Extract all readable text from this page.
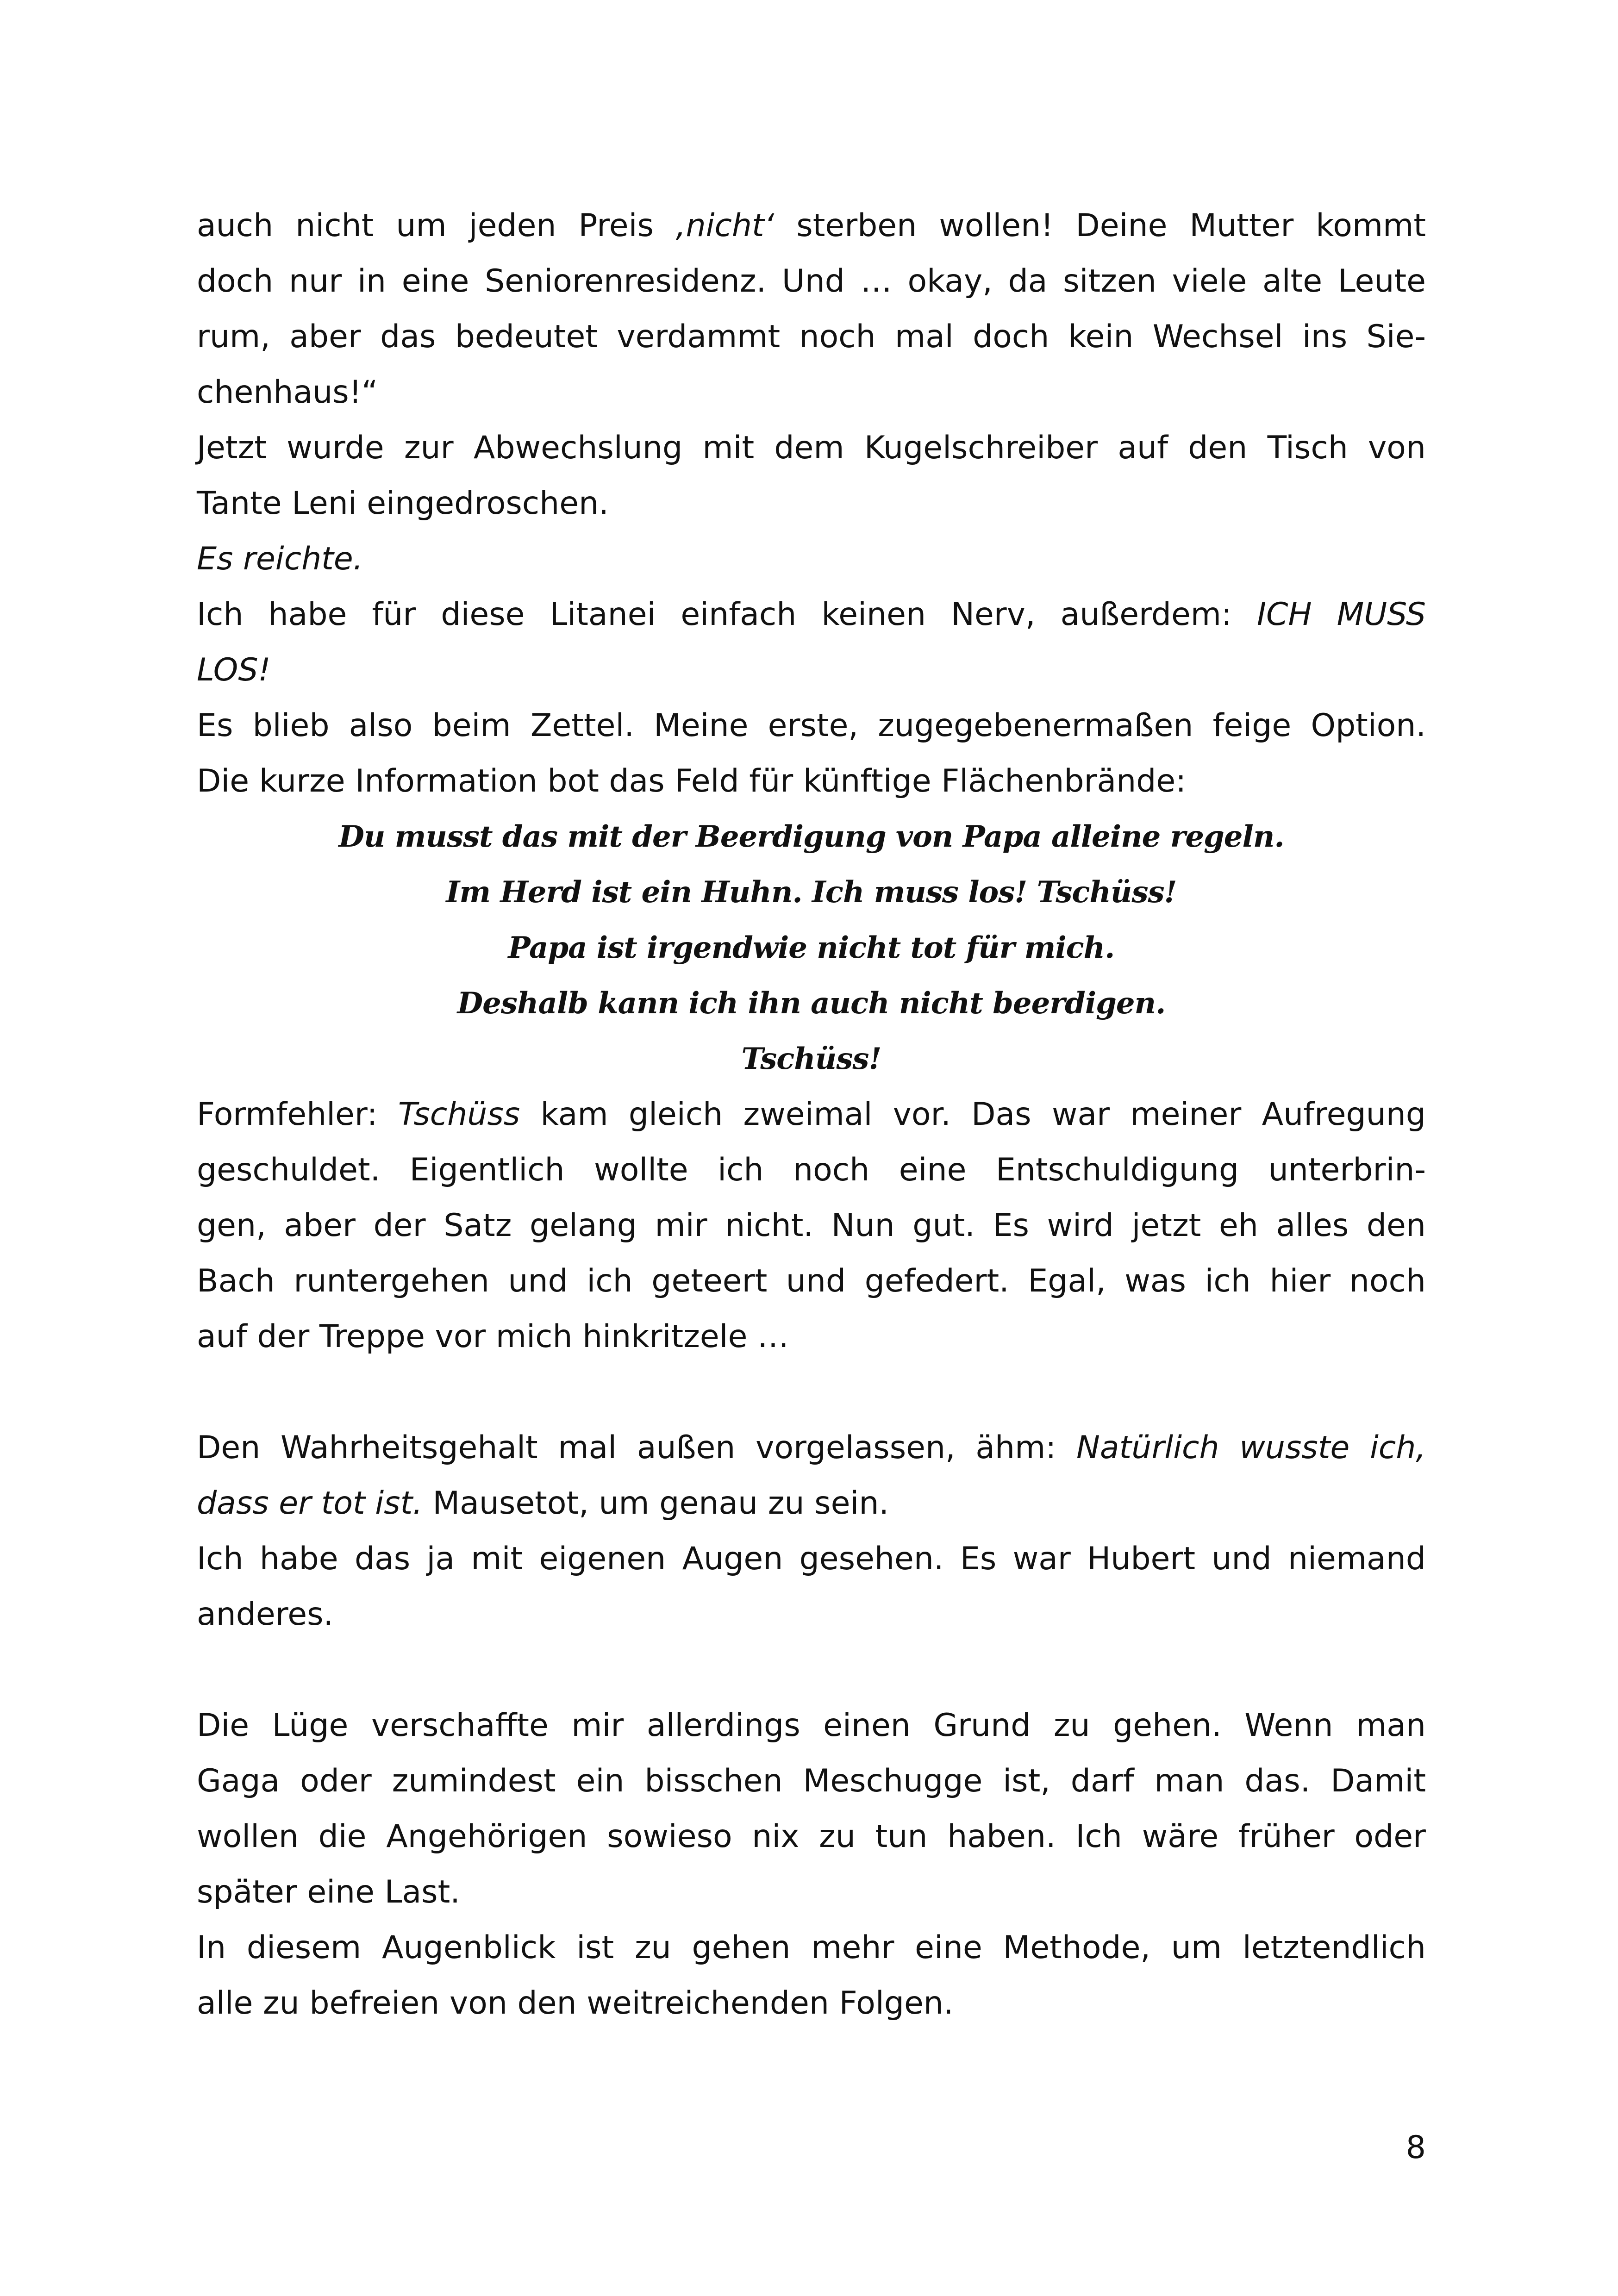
auch nicht um jeden Preis ‚nicht‘ sterben wollen! Deine Mutter kommt
doch nur in eine Seniorenresidenz. Und … okay, da sitzen viele alte Leute
rum, aber das bedeutet verdammt noch mal doch kein Wechsel ins Sie-
chenhaus!“
Jetzt wurde zur Abwechslung mit dem Kugelschreiber auf den Tisch von
Tante Leni eingedroschen.
Es reichte.
Ich habe für diese Litanei einfach keinen Nerv, außerdem: ICH MUSS
LOS!
Es blieb also beim Zettel. Meine erste, zugegebenermaßen feige Option.
Die kurze Information bot das Feld für künftige Flächenbrände:
Du musst das mit der Beerdigung von Papa alleine regeln.
Im Herd ist ein Huhn. Ich muss los! Tschüss!
Papa ist irgendwie nicht tot für mich.
Deshalb kann ich ihn auch nicht beerdigen.
Tschüss!
Formfehler: Tschüss kam gleich zweimal vor. Das war meiner Aufregung
geschuldet. Eigentlich wollte ich noch eine Entschuldigung unterbrin-
gen, aber der Satz gelang mir nicht. Nun gut. Es wird jetzt eh alles den
Bach runtergehen und ich geteert und gefedert. Egal, was ich hier noch
auf der Treppe vor mich hinkritzele …
Den Wahrheitsgehalt mal außen vorgelassen, ähm: Natürlich wusste ich,
dass er tot ist. Mausetot, um genau zu sein.
Ich habe das ja mit eigenen Augen gesehen. Es war Hubert und niemand
anderes.
Die Lüge verschaffte mir allerdings einen Grund zu gehen. Wenn man
Gaga oder zumindest ein bisschen Meschugge ist, darf man das. Damit
wollen die Angehörigen sowieso nix zu tun haben. Ich wäre früher oder
später eine Last.
In diesem Augenblick ist zu gehen mehr eine Methode, um letztendlich
alle zu befreien von den weitreichenden Folgen.
8
